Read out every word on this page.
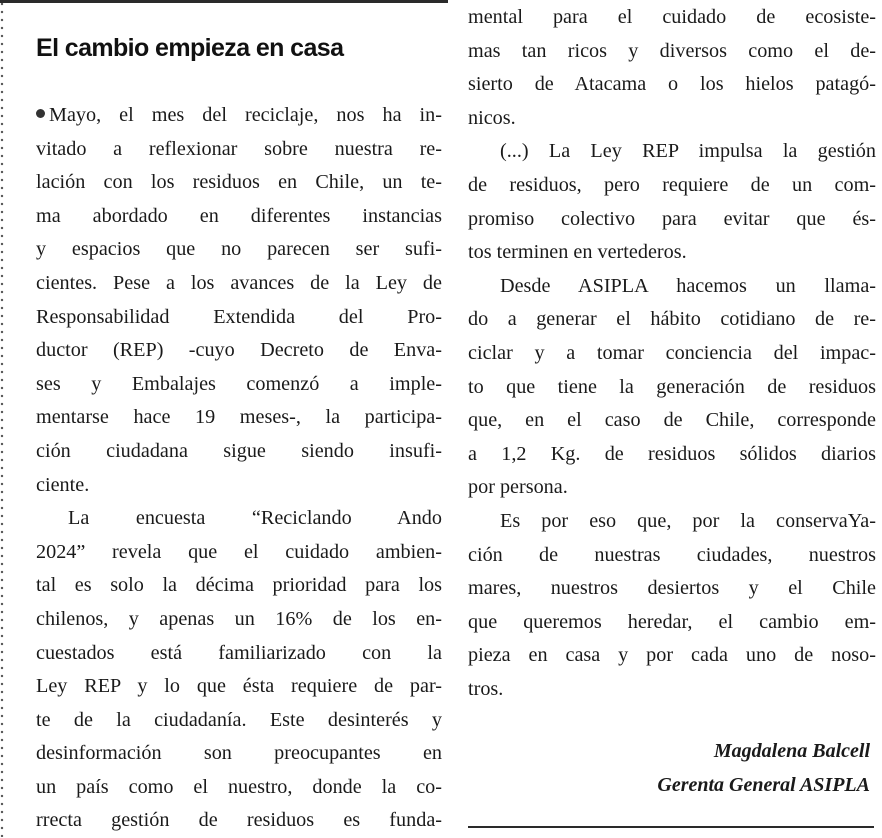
El cambio empieza en casa
Mayo, el mes del reciclaje, nos ha in-
vitado a reflexionar sobre nuestra re-
lación con los residuos en Chile, un te-
ma abordado en diferentes instancias
y espacios que no parecen ser sufi-
cientes. Pese a los avances de la Ley de
Responsabilidad Extendida del Pro-
ductor (REP) -cuyo Decreto de Enva-
ses y Embalajes comenzó a imple-
mentarse hace 19 meses-, la participa-
ción ciudadana sigue siendo insufi-
ciente.
La encuesta “Reciclando Ando
2024” revela que el cuidado ambien-
tal es solo la décima prioridad para los
chilenos, y apenas un 16% de los en-
cuestados está familiarizado con la
Ley REP y lo que ésta requiere de par-
te de la ciudadanía. Este desinterés y
desinformación son preocupantes en
un país como el nuestro, donde la co-
rrecta gestión de residuos es funda-
mental para el cuidado de ecosiste-
mas tan ricos y diversos como el de-
sierto de Atacama o los hielos patagó-
nicos.
(...) La Ley REP impulsa la gestión
de residuos, pero requiere de un com-
promiso colectivo para evitar que és-
tos terminen en vertederos.
Desde ASIPLA hacemos un llama-
do a generar el hábito cotidiano de re-
ciclar y a tomar conciencia del impac-
to que tiene la generación de residuos
que, en el caso de Chile, corresponde
a 1,2 Kg. de residuos sólidos diarios
por persona.
Es por eso que, por la conservaYa-
ción de nuestras ciudades, nuestros
mares, nuestros desiertos y el Chile
que queremos heredar, el cambio em-
pieza en casa y por cada uno de noso-
tros.
Magdalena Balcell
Gerenta General ASIPLA
